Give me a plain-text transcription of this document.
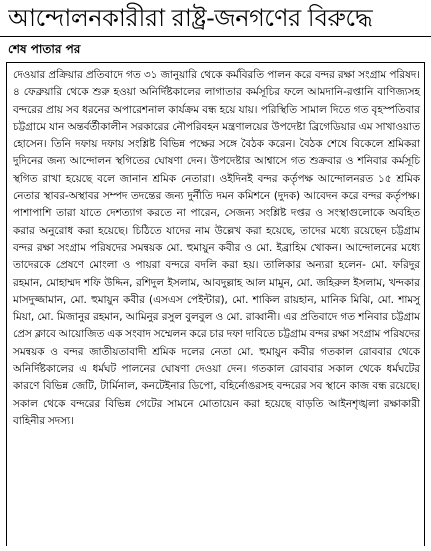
আন্দোলনকারীরা রাষ্ট্র-জনগণের বিরুদ্ধে
শেষ পাতার পর
দেওয়ার প্রক্রিয়ার প্রতিবাদে গত ৩১ জানুয়ারি থেকে কর্মবিরতি পালন করে বন্দর রক্ষা সংগ্রাম পরিষদ। ৪ ফেব্রুয়ারি থেকে শুরু হওয়া অনির্দিষ্টকালের লাগাতার কর্মসূচির ফলে আমদানি-রপ্তানি বাণিজ্যসহ বন্দরের প্রায় সব ধরনের অপারেশনাল কার্যক্রম বন্ধ হয়ে যায়। পরিস্থিতি সামাল দিতে গত বৃহস্পতিবার চট্টগ্রামে যান অন্তর্বর্তীকালীন সরকারের নৌপরিবহন মন্ত্রণালয়ের উপদেষ্টা ব্রিগেডিয়ার এম সাখাওয়াত হোসেন। তিনি দফায় দফায় সংশ্লিষ্ট বিভিন্ন পক্ষের সঙ্গে বৈঠক করেন। বৈঠক শেষে বিকেলে শ্রমিকরা দুদিনের জন্য আন্দোলন স্থগিতের ঘোষণা দেন। উপদেষ্টার আশ্বাসে গত শুক্রবার ও শনিবার কর্মসূচি স্থগিত রাখা হয়েছে বলে জানান শ্রমিক নেতারা। ওইদিনই বন্দর কর্তৃপক্ষ আন্দোলনরত ১৫ শ্রমিক নেতার স্থাবর-অস্থাবর সম্পদ তদন্তের জন্য দুর্নীতি দমন কমিশনে (দুদক) আবেদন করে বন্দর কর্তৃপক্ষ। পাশাপাশি তারা যাতে দেশত্যাগ করতে না পারেন, সেজন্য সংশ্লিষ্ট দপ্তর ও সংস্থাগুলোকে অবহিত করার অনুরোধ করা হয়েছে। চিঠিতে যাদের নাম উল্লেখ করা হয়েছে, তাদের মধ্যে রয়েছেন চট্টগ্রাম বন্দর রক্ষা সংগ্রাম পরিষদের সমন্বয়ক মো. হুমায়ুন কবীর ও মো. ইব্রাহিম খোকন। আন্দোলনের মধ্যে তাদেরকে প্রেষণে মোংলা ও পায়রা বন্দরে বদলি করা হয়। তালিকার অন্যরা হলেন- মো. ফরিদুর রহমান, মোহাম্মদ শফি উদ্দিন, রশিদুল ইসলাম, আবদুল্লাহ আল মামুন, মো. জহিরুল ইসলাম, খন্দকার মাসদুজ্জামান, মো. হুমায়ুন কবীর (এসএস পেইন্টার), মো. শাকিল রায়হান, মানিক মিঝি, মো. শামসু মিয়া, মো. মিজানুর রহমান, আমিনুর রসুল বুলবুল ও মো. রাব্বানী। এর প্রতিবাদে গত শনিবার চট্টগ্রাম প্রেস ক্লাবে আয়োজিত এক সংবাদ সম্মেলন করে চার দফা দাবিতে চট্টগ্রাম বন্দর রক্ষা সংগ্রাম পরিষদের সমন্বয়ক ও বন্দর জাতীয়তাবাদী শ্রমিক দলের নেতা মো. হুমায়ুন কবীর গতকাল রোববার থেকে অনির্দিষ্টকালের এ ধর্মঘট পালনের ঘোষণা দেওয়া দেন। গতকাল রোববার সকাল থেকে ধর্মঘটের কারণে বিভিন্ন জেটি, টার্মিনাল, কনটেইনার ডিপো, বহির্নোঙরসহ বন্দরের সব স্থানে কাজ বন্ধ রয়েছে। সকাল থেকে বন্দরের বিভিন্ন গেটের সামনে মোতায়েন করা হয়েছে বাড়তি আইনশৃঙ্খলা রক্ষাকারী বাহিনীর সদস্য।
